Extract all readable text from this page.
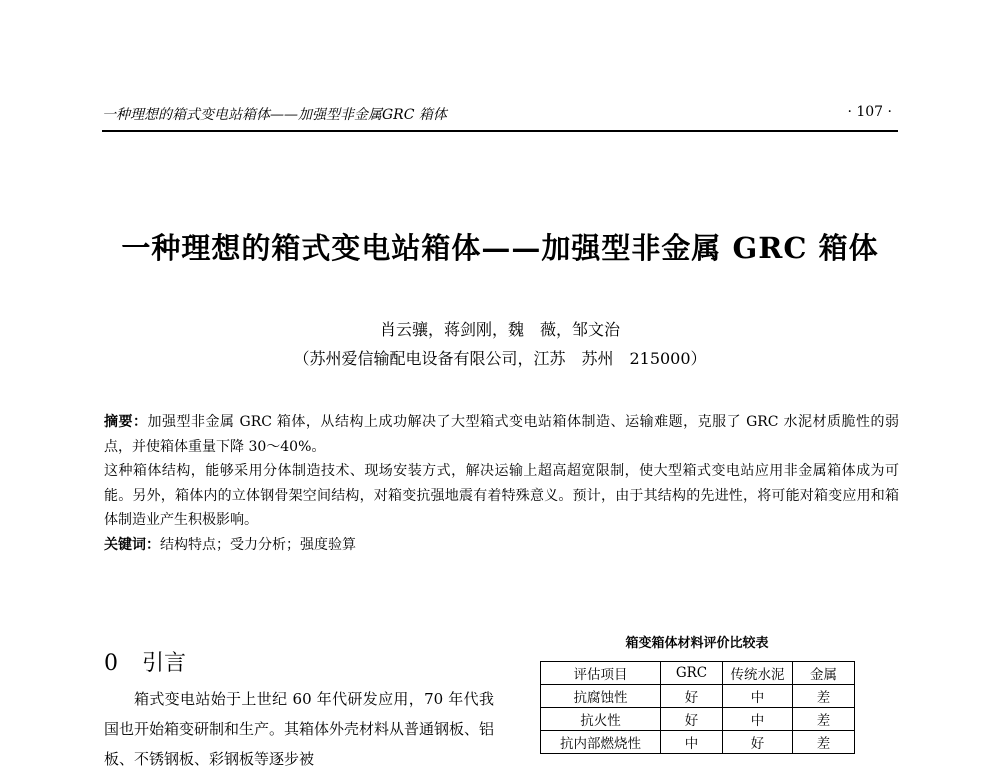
一种理想的箱式变电站箱体——加强型非金属GRC 箱体	· 107 ·
一种理想的箱式变电站箱体——加强型非金属 GRC 箱体
肖云骧，蒋剑刚，魏　薇，邹文治
（苏州爱信输配电设备有限公司，江苏　苏州　215000）

摘要：加强型非金属 GRC 箱体，从结构上成功解决了大型箱式变电站箱体制造、运输难题，克服了 GRC 水泥材质脆性的弱点，并使箱体重量下降 30～40%。

这种箱体结构，能够采用分体制造技术、现场安装方式，解决运输上超高超宽限制，使大型箱式变电站应用非金属箱体成为可能。另外，箱体内的立体钢骨架空间结构，对箱变抗强地震有着特殊意义。预计，由于其结构的先进性，将可能对箱变应用和箱体制造业产生积极影响。

关键词：结构特点；受力分析；强度验算

0 引言

箱式变电站始于上世纪 60 年代研发应用，70 年代我国也开始箱变研制和生产。其箱体外壳材料从普通钢板、铝板、不锈钢板、彩钢板等逐步被

箱变箱体材料评价比较表
评估项目	GRC	传统水泥	金属
抗腐蚀性	好	中	差
抗火性	好	中	差
抗内部燃烧性	中	好	差
